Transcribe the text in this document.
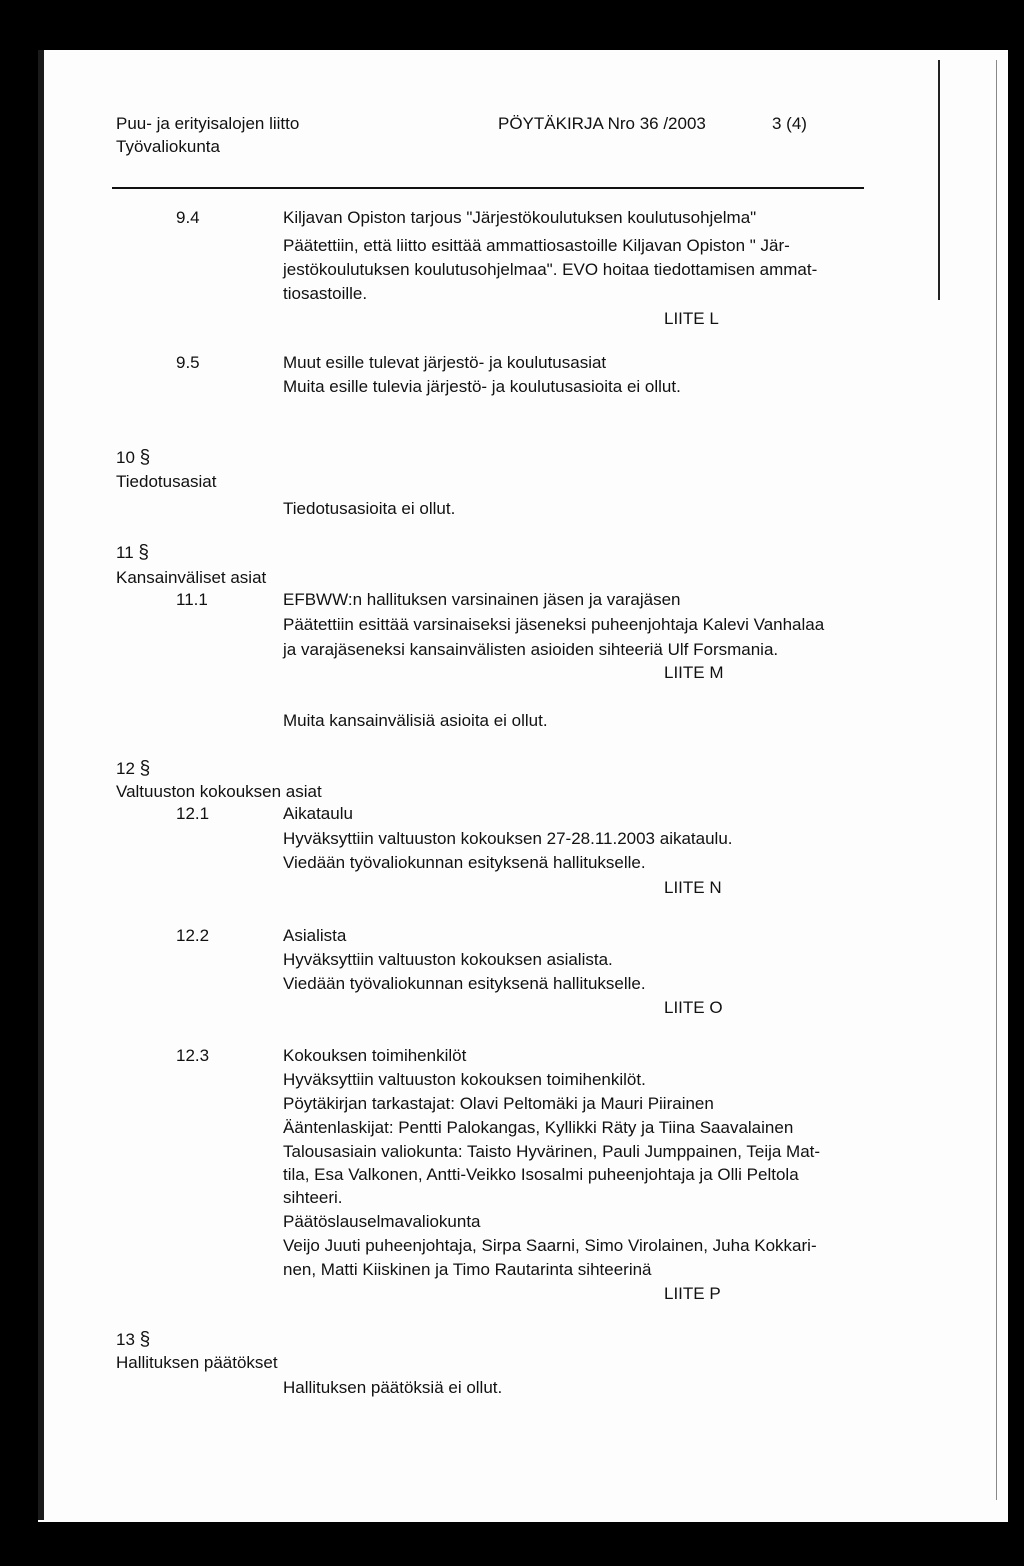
Puu- ja erityisalojen liitto
Työvaliokunta
PÖYTÄKIRJA Nro 36 /2003	3 (4)
9.4	Kiljavan Opiston tarjous "Järjestökoulutuksen koulutusohjelma"
Päätettiin, että liitto esittää ammattiosastoille Kiljavan Opiston " Jär-
jestökoulutuksen koulutusohjelmaa". EVO hoitaa tiedottamisen ammat-
tiosastoille.
LIITE L
9.5	Muut esille tulevat järjestö- ja koulutusasiat
Muita esille tulevia järjestö- ja koulutusasioita ei ollut.
10 §
Tiedotusasiat
Tiedotusasioita ei ollut.
11 §
Kansainväliset asiat
11.1	EFBWW:n hallituksen varsinainen jäsen ja varajäsen
Päätettiin esittää varsinaiseksi jäseneksi puheenjohtaja Kalevi Vanhalaa
ja varajäseneksi kansainvälisten asioiden sihteeriä Ulf Forsmania.
LIITE M
Muita kansainvälisiä asioita ei ollut.
12 §
Valtuuston kokouksen asiat
12.1	Aikataulu
Hyväksyttiin valtuuston kokouksen 27-28.11.2003 aikataulu.
Viedään työvaliokunnan esityksenä hallitukselle.
LIITE N
12.2	Asialista
Hyväksyttiin valtuuston kokouksen asialista.
Viedään työvaliokunnan esityksenä hallitukselle.
LIITE O
12.3	Kokouksen toimihenkilöt
Hyväksyttiin valtuuston kokouksen toimihenkilöt.
Pöytäkirjan tarkastajat: Olavi Peltomäki ja Mauri Piirainen
Ääntenlaskijat: Pentti Palokangas, Kyllikki Räty ja Tiina Saavalainen
Talousasiain valiokunta: Taisto Hyvärinen, Pauli Jumppainen, Teija Mat-
tila, Esa Valkonen, Antti-Veikko Isosalmi puheenjohtaja ja Olli Peltola
sihteeri.
Päätöslauselmavaliokunta
Veijo Juuti puheenjohtaja, Sirpa Saarni, Simo Virolainen, Juha Kokkari-
nen, Matti Kiiskinen ja Timo Rautarinta sihteerinä
LIITE P
13 §
Hallituksen päätökset
Hallituksen päätöksiä ei ollut.
